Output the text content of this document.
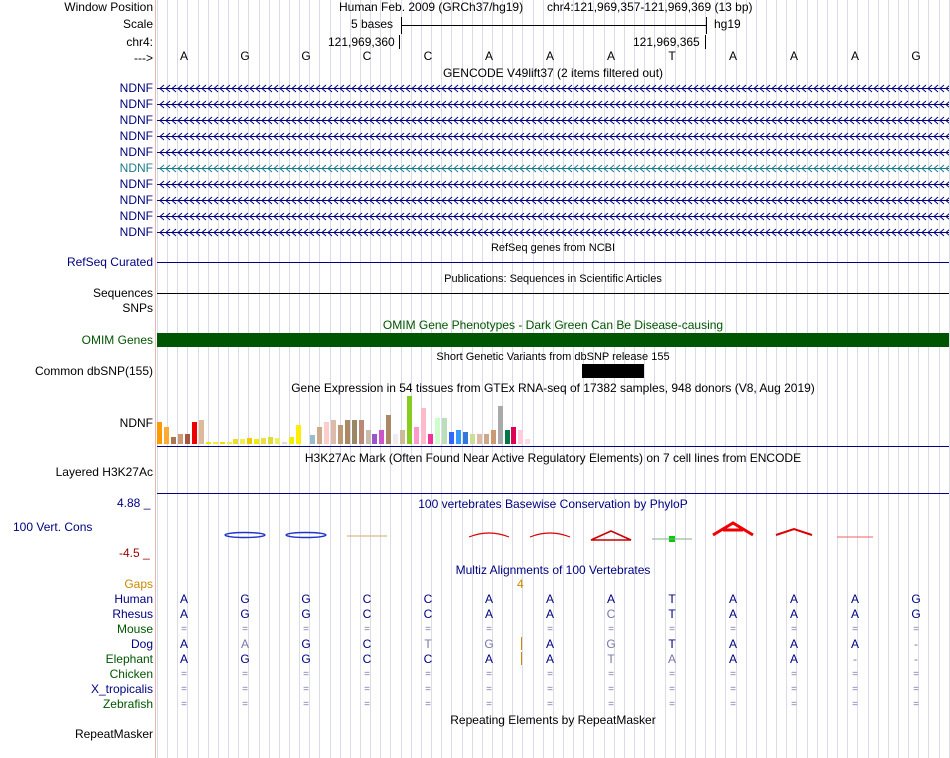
Window Position
Scale
chr4:
--->
Human Feb. 2009 (GRCh37/hg19) chr4:121,969,357-121,969,369 (13 bp)
5 bases	hg19
121,969,360	121,969,365
A	G	G	C	C	A	A	A	T	A	A	A	G
GENCODE V49lift37 (2 items filtered out)
NDNF
NDNF
NDNF
NDNF
NDNF
NDNF
NDNF
NDNF
NDNF
NDNF
RefSeq genes from NCBI
RefSeq Curated
Publications: Sequences in Scientific Articles
Sequences
SNPs
OMIM Gene Phenotypes - Dark Green Can Be Disease-causing
OMIM Genes
Short Genetic Variants from dbSNP release 155
Common dbSNP(155)
Gene Expression in 54 tissues from GTEx RNA-seq of 17382 samples, 948 donors (V8, Aug 2019)
NDNF
H3K27Ac Mark (Often Found Near Active Regulatory Elements) on 7 cell lines from ENCODE
Layered H3K27Ac
4.88 _	100 vertebrates Basewise Conservation by PhyloP
100 Vert. Cons
-4.5 _
Multiz Alignments of 100 Vertebrates
Gaps	4
Human A	G	G	C	C	A	A	A	T	A	A	A	G
Rhesus A	G	G	C	C	A	A	C	T	A	A	A	G
Mouse	=	=	=	=	=	=	=	=	=	=	=	=	=
Dog A	A	G	C	T	G	A	G	T	A	A	A	-
Elephant A	G	G	C	C	A	A	T	A	A	A	-	-
Chicken	=	=	=	=	=	=	=	=	=	=	=	=	=
X_tropicalis	=	=	=	=	=	=	=	=	=	=	=	=	=
Zebrafish	=	=	=	=	=	=	=	=	=	=	=	=	=
Repeating Elements by RepeatMasker
RepeatMasker
